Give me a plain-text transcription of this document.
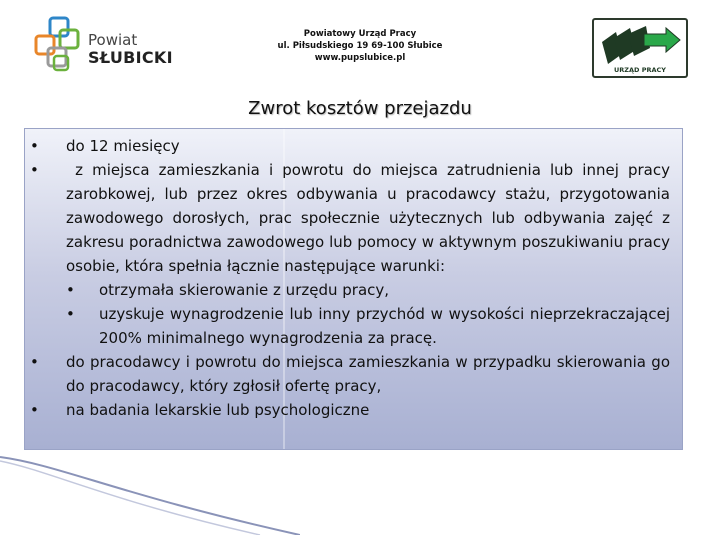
Powiat
SŁUBICKI
Powiatowy Urząd Pracy
ul. Piłsudskiego 19 69-100 Słubice
www.pupslubice.pl
URZĄD PRACY
Zwrot kosztów przejazdu
• do 12 miesięcy
• z miejsca zamieszkania i powrotu do miejsca zatrudnienia lub innej pracy zarobkowej, lub przez okres odbywania u pracodawcy stażu, przygotowania zawodowego dorosłych, prac społecznie użytecznych lub odbywania zajęć z zakresu poradnictwa zawodowego lub pomocy w aktywnym poszukiwaniu pracy osobie, która spełnia łącznie następujące warunki:
• otrzymała skierowanie z urzędu pracy,
• uzyskuje wynagrodzenie lub inny przychód w wysokości nieprzekraczającej 200% minimalnego wynagrodzenia za pracę.
• do pracodawcy i powrotu do miejsca zamieszkania w przypadku skierowania go do pracodawcy, który zgłosił ofertę pracy,
• na badania lekarskie lub psychologiczne
